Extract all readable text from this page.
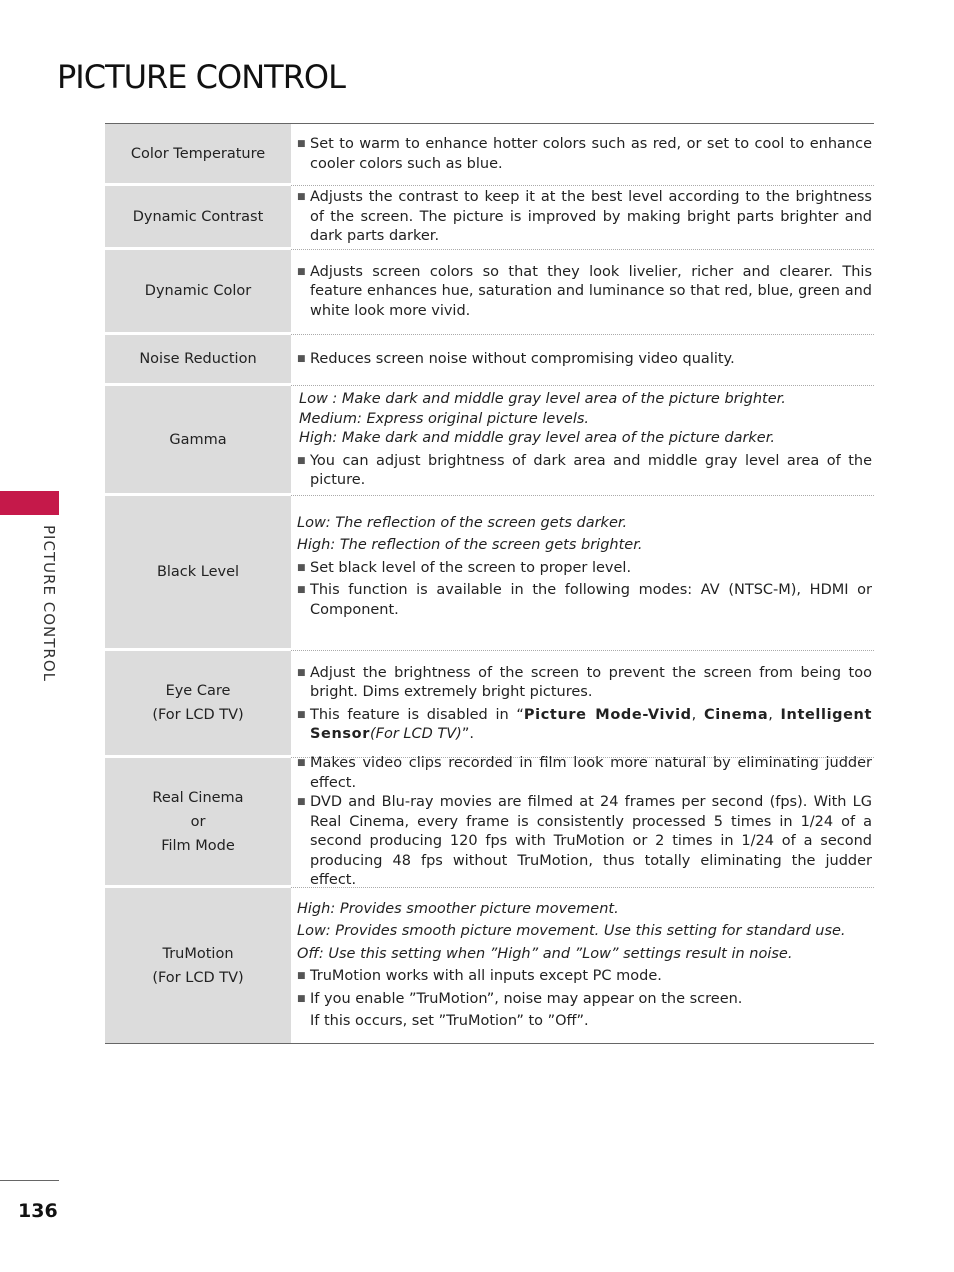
PICTURE CONTROL
PICTURE CONTROL
136
Color Temperature
■ Set to warm to enhance hotter colors such as red, or set to cool to enhance cooler colors such as blue.
Dynamic Contrast
■ Adjusts the contrast to keep it at the best level according to the brightness of the screen. The picture is improved by making bright parts brighter and dark parts darker.
Dynamic Color
■ Adjusts screen colors so that they look livelier, richer and clearer. This feature enhances hue, saturation and luminance so that red, blue, green and white look more vivid.
Noise Reduction	■ Reduces screen noise without compromising video quality.
Gamma

Low : Make dark and middle gray level area of the picture brighter.

Medium: Express original picture levels.

High: Make dark and middle gray level area of the picture darker.

■ You can adjust brightness of dark area and middle gray level area of the picture.
Black Level

Low: The reflection of the screen gets darker.

High: The reflection of the screen gets brighter.

■ Set black level of the screen to proper level.
■ This function is available in the following modes: AV (NTSC-M), HDMI or Component.
Eye Care
(For LCD TV)
■ Adjust the brightness of the screen to prevent the screen from being too bright. Dims extremely bright pictures.
■ This feature is disabled in “Picture Mode-Vivid, Cinema, Intelligent Sensor(For LCD TV)”.
Real Cinema
or
Film Mode
■ Makes video clips recorded in film look more natural by eliminating judder effect.
■ DVD and Blu-ray movies are filmed at 24 frames per second (fps). With LG Real Cinema, every frame is consistently processed 5 times in 1/24 of a second producing 120 fps with TruMotion or 2 times in 1/24 of a second producing 48 fps without TruMotion, thus totally eliminating the judder effect.
TruMotion
(For LCD TV)

High: Provides smoother picture movement.

Low: Provides smooth picture movement. Use this setting for standard use.

Off: Use this setting when ”High” and ”Low” settings result in noise.

■ TruMotion works with all inputs except PC mode.
■ If you enable ”TruMotion”, noise may appear on the screen.

If this occurs, set ”TruMotion” to ”Off”.
